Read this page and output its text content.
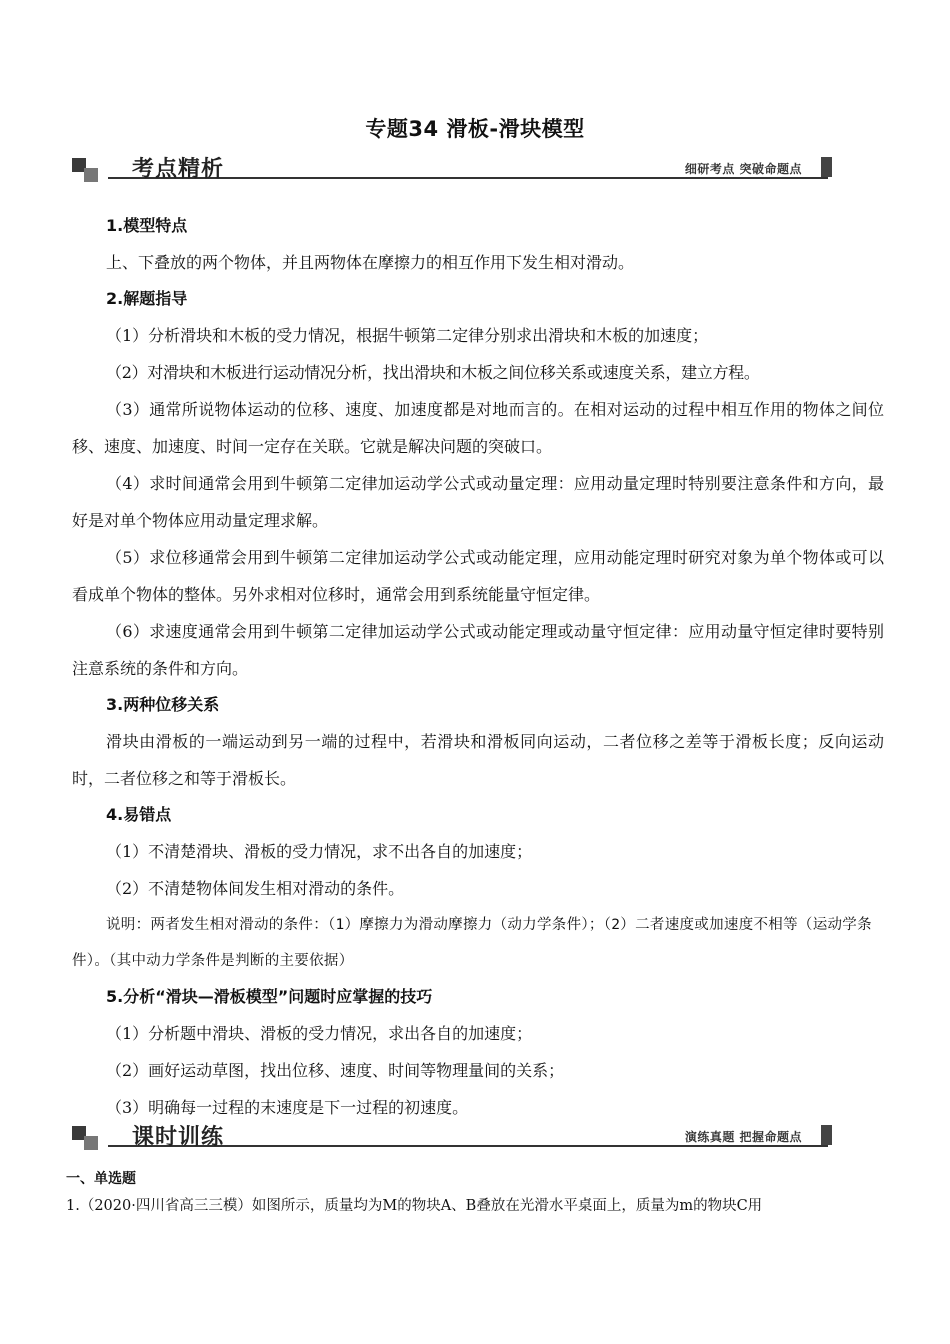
专题34 滑板-滑块模型
考点精析	细研考点 突破命题点
1.模型特点

上、下叠放的两个物体，并且两物体在摩擦力的相互作用下发生相对滑动。

2.解题指导

（1）分析滑块和木板的受力情况，根据牛顿第二定律分别求出滑块和木板的加速度；

（2）对滑块和木板进行运动情况分析，找出滑块和木板之间位移关系或速度关系，建立方程。

（3）通常所说物体运动的位移、速度、加速度都是对地而言的。在相对运动的过程中相互作用的物体之间位移、速度、加速度、时间一定存在关联。它就是解决问题的突破口。

（4）求时间通常会用到牛顿第二定律加运动学公式或动量定理：应用动量定理时特别要注意条件和方向，最好是对单个物体应用动量定理求解。

（5）求位移通常会用到牛顿第二定律加运动学公式或动能定理，应用动能定理时研究对象为单个物体或可以看成单个物体的整体。另外求相对位移时，通常会用到系统能量守恒定律。

（6）求速度通常会用到牛顿第二定律加运动学公式或动能定理或动量守恒定律：应用动量守恒定律时要特别注意系统的条件和方向。

3.两种位移关系

滑块由滑板的一端运动到另一端的过程中，若滑块和滑板同向运动，二者位移之差等于滑板长度；反向运动时，二者位移之和等于滑板长。

4.易错点

（1）不清楚滑块、滑板的受力情况，求不出各自的加速度；

（2）不清楚物体间发生相对滑动的条件。

说明：两者发生相对滑动的条件：（1）摩擦力为滑动摩擦力（动力学条件）；（2）二者速度或加速度不相等（运动学条件）。（其中动力学条件是判断的主要依据）

5.分析“滑块—滑板模型”问题时应掌握的技巧

（1）分析题中滑块、滑板的受力情况，求出各自的加速度；

（2）画好运动草图，找出位移、速度、时间等物理量间的关系；

（3）明确每一过程的末速度是下一过程的初速度。

课时训练	演练真题 把握命题点
一、单选题
1.（2020·四川省高三三模）如图所示，质量均为M的物块A、B叠放在光滑水平桌面上，质量为m的物块C用
